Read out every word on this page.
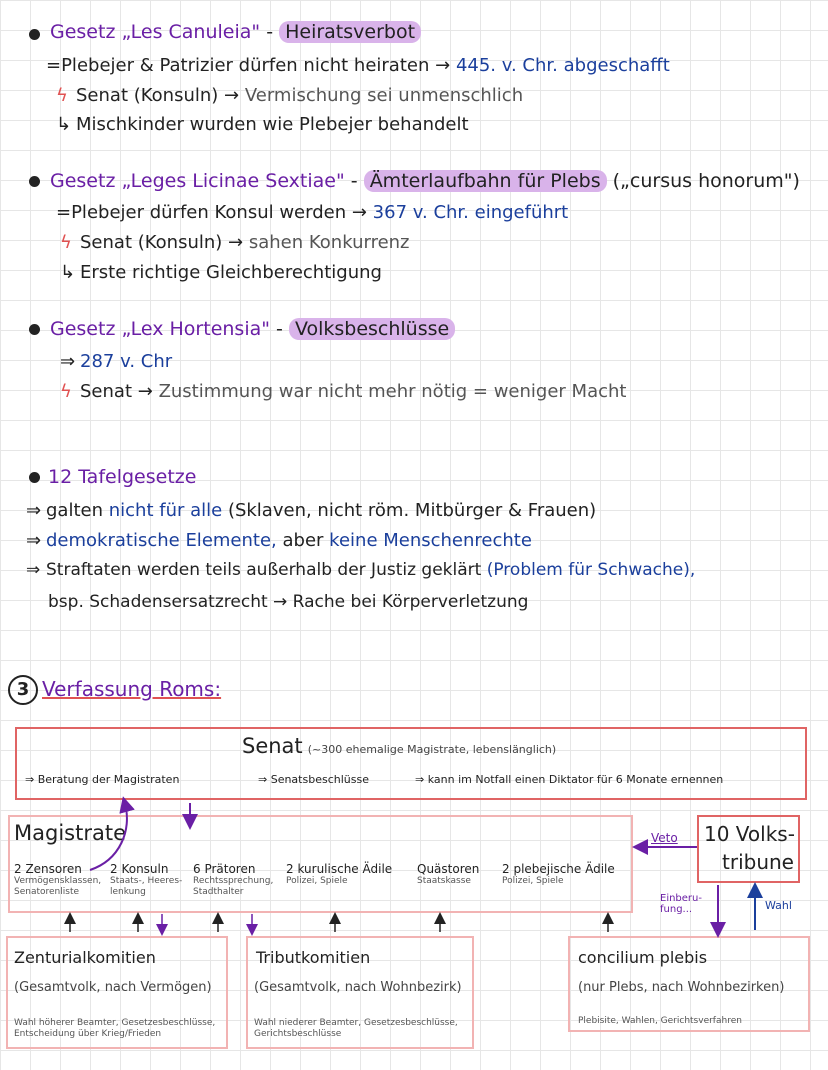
Gesetz „Les Canuleia" - Heiratsverbot
=Plebejer & Patrizier dürfen nicht heiraten → 445. v. Chr. abgeschafft
ϟ Senat (Konsuln) → Vermischung sei unmenschlich
↳ Mischkinder wurden wie Plebejer behandelt
Gesetz „Leges Licinae Sextiae" - Ämterlaufbahn für Plebs („cursus honorum")
=Plebejer dürfen Konsul werden → 367 v. Chr. eingeführt
ϟ Senat (Konsuln) → sahen Konkurrenz
↳ Erste richtige Gleichberechtigung
Gesetz „Lex Hortensia" - Volksbeschlüsse
⇒ 287 v. Chr
ϟ Senat → Zustimmung war nicht mehr nötig = weniger Macht
12 Tafelgesetze
⇒ galten nicht für alle (Sklaven, nicht röm. Mitbürger & Frauen)
⇒ demokratische Elemente, aber keine Menschenrechte
⇒ Straftaten werden teils außerhalb der Justiz geklärt (Problem für Schwache),
bsp. Schadensersatzrecht → Rache bei Körperverletzung
3 Verfassung Roms:
Senat (~300 ehemalige Magistrate, lebenslänglich)
⇒ Beratung der Magistraten	⇒ Senatsbeschlüsse	⇒ kann im Notfall einen Diktator für 6 Monate ernennen
Magistrate
2 Zensoren
Vermögensklassen, Senatorenliste
2 Konsuln
Staats-, Heeres-lenkung
6 Prätoren
Rechtssprechung, Stadthalter
2 kurulische Ädile
Polizei, Spiele
Quästoren
Staatskasse
2 plebejische Ädile
Polizei, Spiele
10 Volks-
tribune
Veto
Einberu-fung...	Wahl
Zenturialkomitien
(Gesamtvolk, nach Vermögen)
Wahl höherer Beamter, Gesetzesbeschlüsse, Entscheidung über Krieg/Frieden
Tributkomitien
(Gesamtvolk, nach Wohnbezirk)
Wahl niederer Beamter, Gesetzesbeschlüsse, Gerichtsbeschlüsse
concilium plebis
(nur Plebs, nach Wohnbezirken)
Plebisite, Wahlen, Gerichtsverfahren
